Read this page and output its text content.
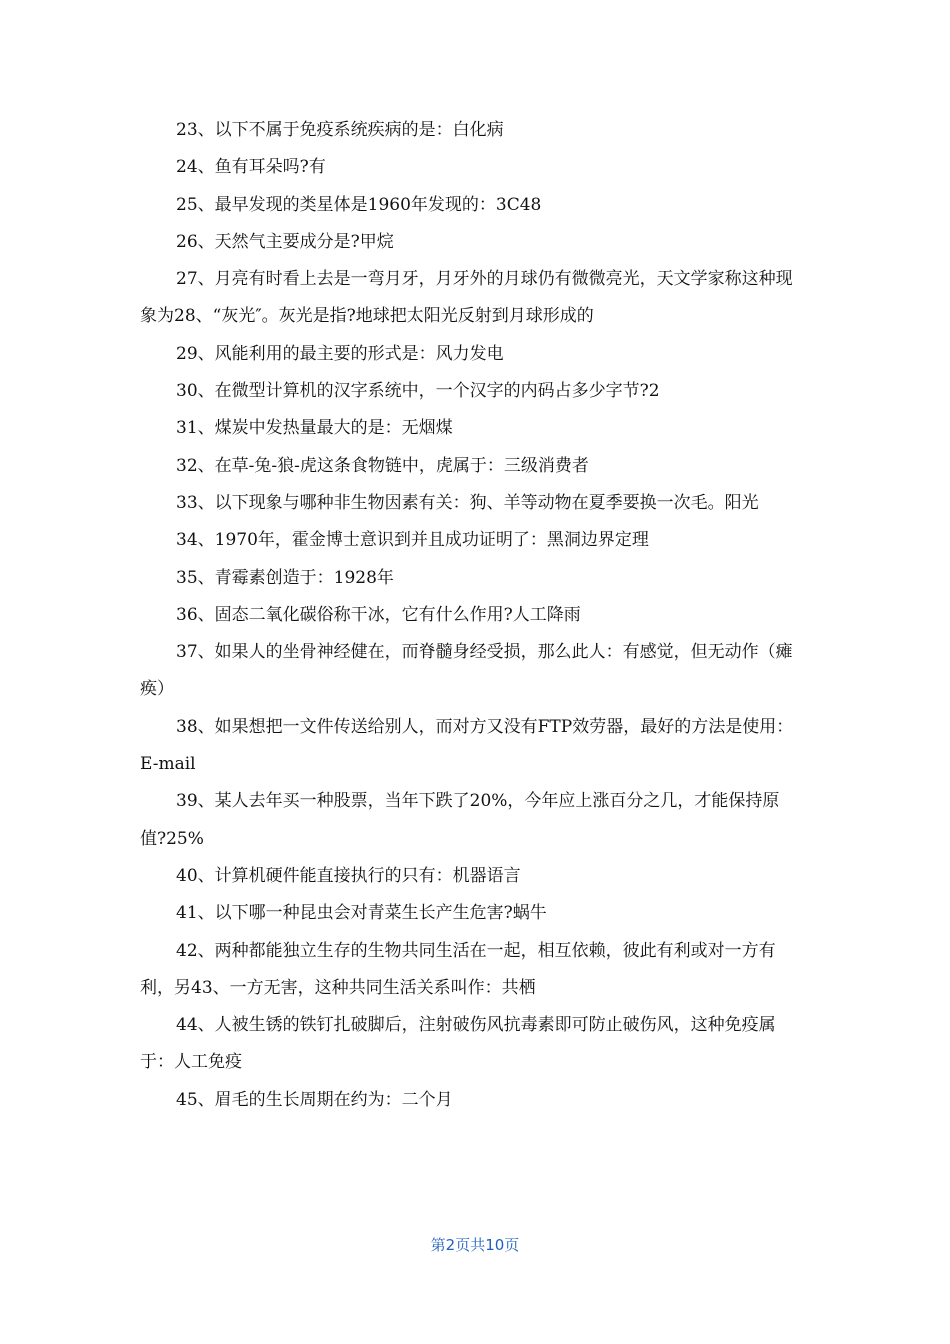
23、以下不属于免疫系统疾病的是：白化病

24、鱼有耳朵吗?有

25、最早发现的类星体是1960年发现的：3C48

26、天然气主要成分是?甲烷

27、月亮有时看上去是一弯月牙，月牙外的月球仍有微微亮光，天文学家称这种现象为28、“灰光″。灰光是指?地球把太阳光反射到月球形成的

29、风能利用的最主要的形式是：风力发电

30、在微型计算机的汉字系统中，一个汉字的内码占多少字节?2

31、煤炭中发热量最大的是：无烟煤

32、在草-兔-狼-虎这条食物链中，虎属于：三级消费者

33、以下现象与哪种非生物因素有关：狗、羊等动物在夏季要换一次毛。阳光

34、1970年，霍金博士意识到并且成功证明了：黑洞边界定理

35、青霉素创造于：1928年

36、固态二氧化碳俗称干冰，它有什么作用?人工降雨

37、如果人的坐骨神经健在，而脊髓身经受损，那么此人：有感觉，但无动作（瘫痪）

38、如果想把一文件传送给别人，而对方又没有FTP效劳器，最好的方法是使用：E-mail

39、某人去年买一种股票，当年下跌了20%，今年应上涨百分之几，才能保持原值?25%

40、计算机硬件能直接执行的只有：机器语言

41、以下哪一种昆虫会对青菜生长产生危害?蜗牛

42、两种都能独立生存的生物共同生活在一起，相互依赖，彼此有利或对一方有利，另43、一方无害，这种共同生活关系叫作：共栖

44、人被生锈的铁钉扎破脚后，注射破伤风抗毒素即可防止破伤风，这种免疫属于：人工免疫

45、眉毛的生长周期在约为：二个月

第2页共10页
